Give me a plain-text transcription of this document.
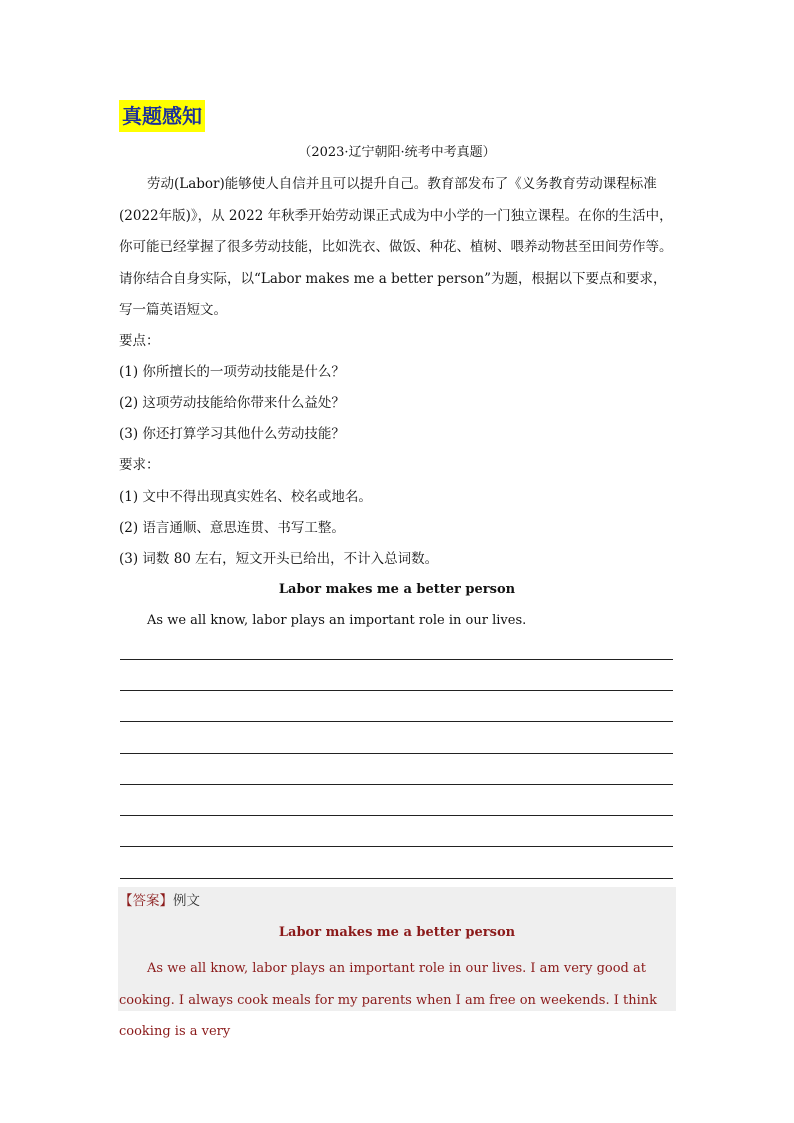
真题感知
（2023·辽宁朝阳·统考中考真题）

劳动(Labor)能够使人自信并且可以提升自己。教育部发布了《义务教育劳动课程标准(2022年版)》，从 2022 年秋季开始劳动课正式成为中小学的一门独立课程。在你的生活中，你可能已经掌握了很多劳动技能，比如洗衣、做饭、种花、植树、喂养动物甚至田间劳作等。请你结合自身实际，以“Labor makes me a better person”为题，根据以下要点和要求，写一篇英语短文。

要点：
(1) 你所擅长的一项劳动技能是什么？
(2) 这项劳动技能给你带来什么益处？
(3) 你还打算学习其他什么劳动技能？
要求：
(1) 文中不得出现真实姓名、校名或地名。
(2) 语言通顺、意思连贯、书写工整。
(3) 词数 80 左右，短文开头已给出，不计入总词数。
Labor makes me a better person
As we all know, labor plays an important role in our lives.
【答案】例文
Labor makes me a better person

As we all know, labor plays an important role in our lives. I am very good at cooking. I always cook meals for my parents when I am free on weekends. I think cooking is a very
